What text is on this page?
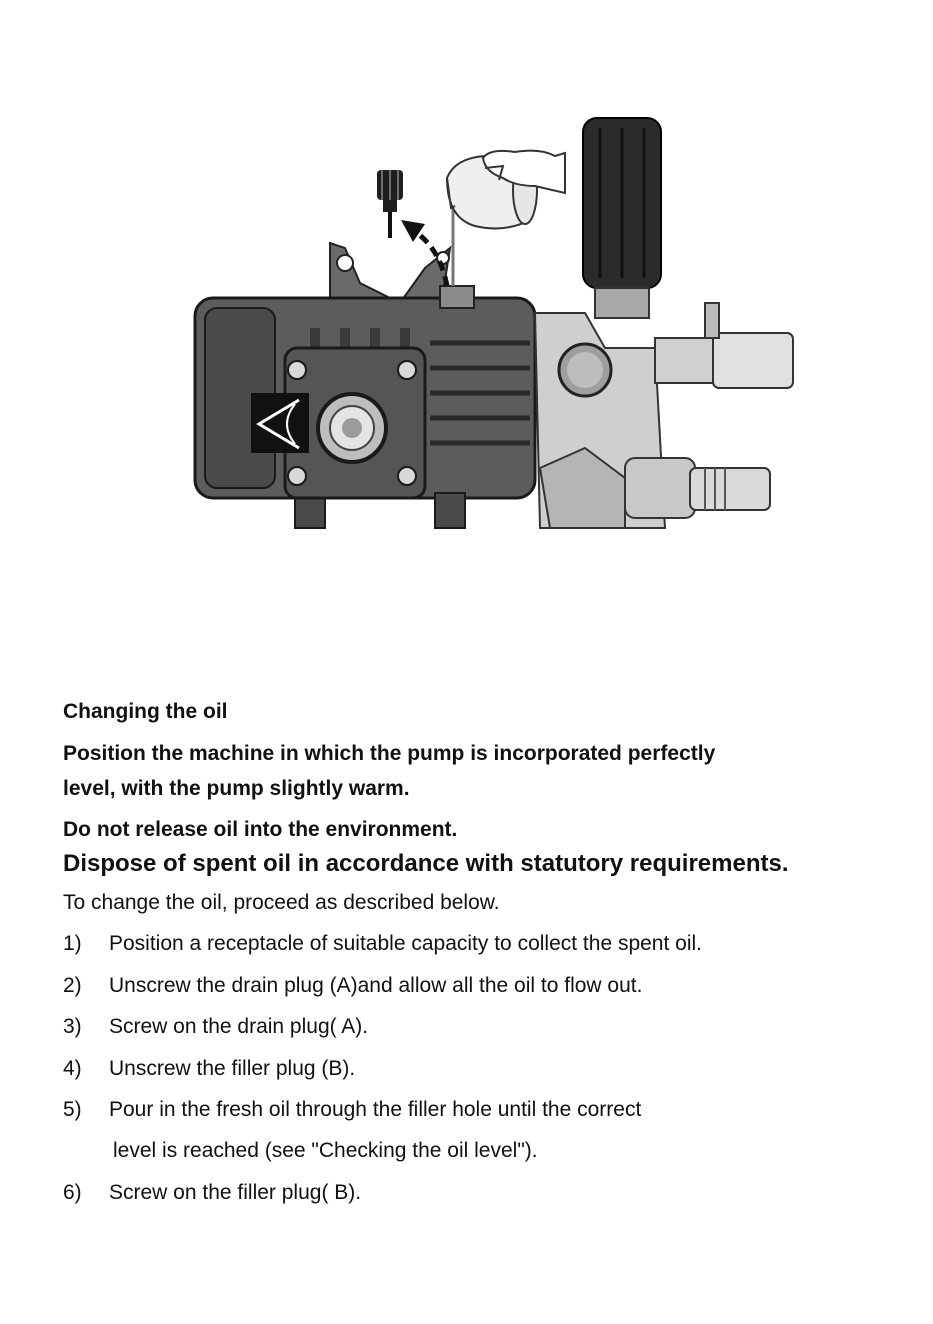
Changing the oil
Position the machine in which the pump is incorporated perfectly
level, with the pump slightly warm.
Do not release oil into the environment.
Dispose of spent oil in accordance with statutory requirements.
To change the oil, proceed as described below.
1) Position a receptacle of suitable capacity to collect the spent oil.
2) Unscrew the drain plug (A)and allow all the oil to flow out.
3) Screw on the drain plug( A).
4) Unscrew the filler plug (B).
5) Pour in the fresh oil through the filler hole until the correct
level is reached (see "Checking the oil level").
6) Screw on the filler plug( B).
